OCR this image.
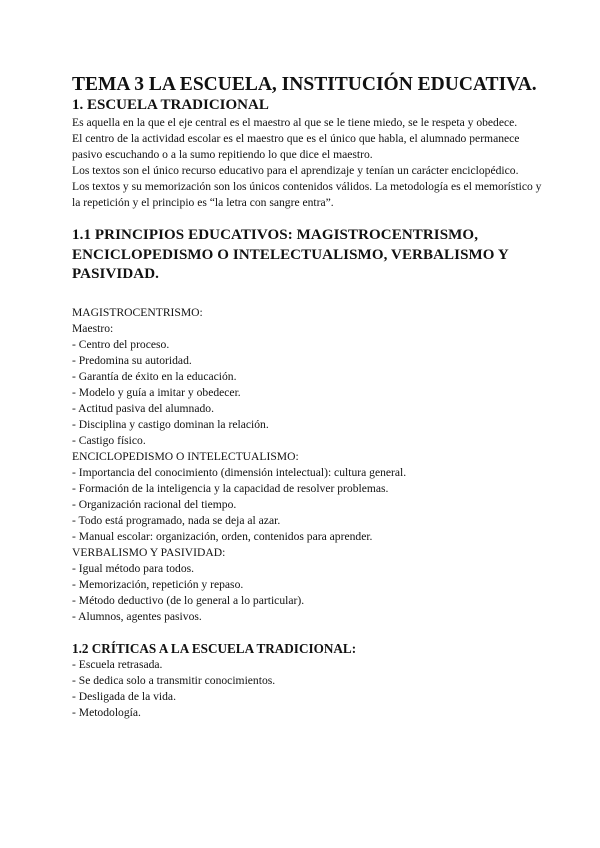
TEMA 3 LA ESCUELA, INSTITUCIÓN EDUCATIVA.
1. ESCUELA TRADICIONAL

Es aquella en la que el eje central es el maestro al que se le tiene miedo, se le respeta y obedece.

El centro de la actividad escolar es el maestro que es el único que habla, el alumnado permanece pasivo escuchando o a la sumo repitiendo lo que dice el maestro.

Los textos son el único recurso educativo para el aprendizaje y tenían un carácter enciclopédico.

Los textos y su memorización son los únicos contenidos válidos. La metodología es el memorístico y la repetición y el principio es “la letra con sangre entra”.

1.1 PRINCIPIOS EDUCATIVOS: MAGISTROCENTRISMO, ENCICLOPEDISMO O INTELECTUALISMO, VERBALISMO Y PASIVIDAD.

MAGISTROCENTRISMO:

Maestro:

- Centro del proceso.
- Predomina su autoridad.
- Garantía de éxito en la educación.
- Modelo y guía a imitar y obedecer.
- Actitud pasiva del alumnado.
- Disciplina y castigo dominan la relación.
- Castigo físico.

ENCICLOPEDISMO O INTELECTUALISMO:

- Importancia del conocimiento (dimensión intelectual): cultura general.
- Formación de la inteligencia y la capacidad de resolver problemas.
- Organización racional del tiempo.
- Todo está programado, nada se deja al azar.
- Manual escolar: organización, orden, contenidos para aprender.

VERBALISMO Y PASIVIDAD:

- Igual método para todos.
- Memorización, repetición y repaso.
- Método deductivo (de lo general a lo particular).
- Alumnos, agentes pasivos.
1.2 CRÍTICAS A LA ESCUELA TRADICIONAL:
- Escuela retrasada.
- Se dedica solo a transmitir conocimientos.
- Desligada de la vida.
- Metodología.
